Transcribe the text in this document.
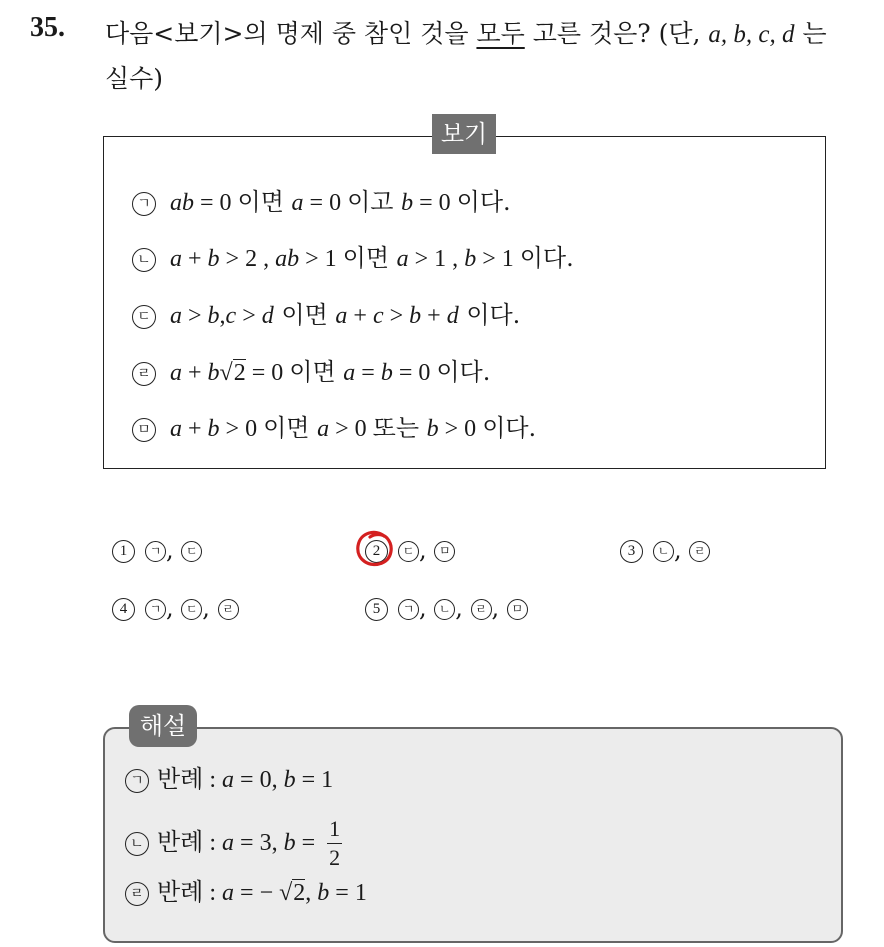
35. 다음<보기>의 명제 중 참인 것을 모두 고른 것은? (단, a, b, c, d 는
실수)
보기
ㄱ ab = 0 이면 a = 0 이고 b = 0 이다.
ㄴ a + b > 2 , ab > 1 이면 a > 1 , b > 1 이다.
ㄷ a > b,c > d 이면 a + c > b + d 이다.
ㄹ a + b√2 = 0 이면 a = b = 0 이다.
ㅁ a + b > 0 이면 a > 0 또는 b > 0 이다.
1 ㄱ , ㄷ	2 ㄷ , ㅁ	3 ㄴ , ㄹ
4 ㄱ , ㄷ , ㄹ	5 ㄱ , ㄴ , ㄹ , ㅁ
해설
ㄱ 반례 : a = 0, b = 1
ㄴ 반례 : a = 3, $b = \frac{1}{2}$
ㄹ 반례 : a = − √2, b = 1
